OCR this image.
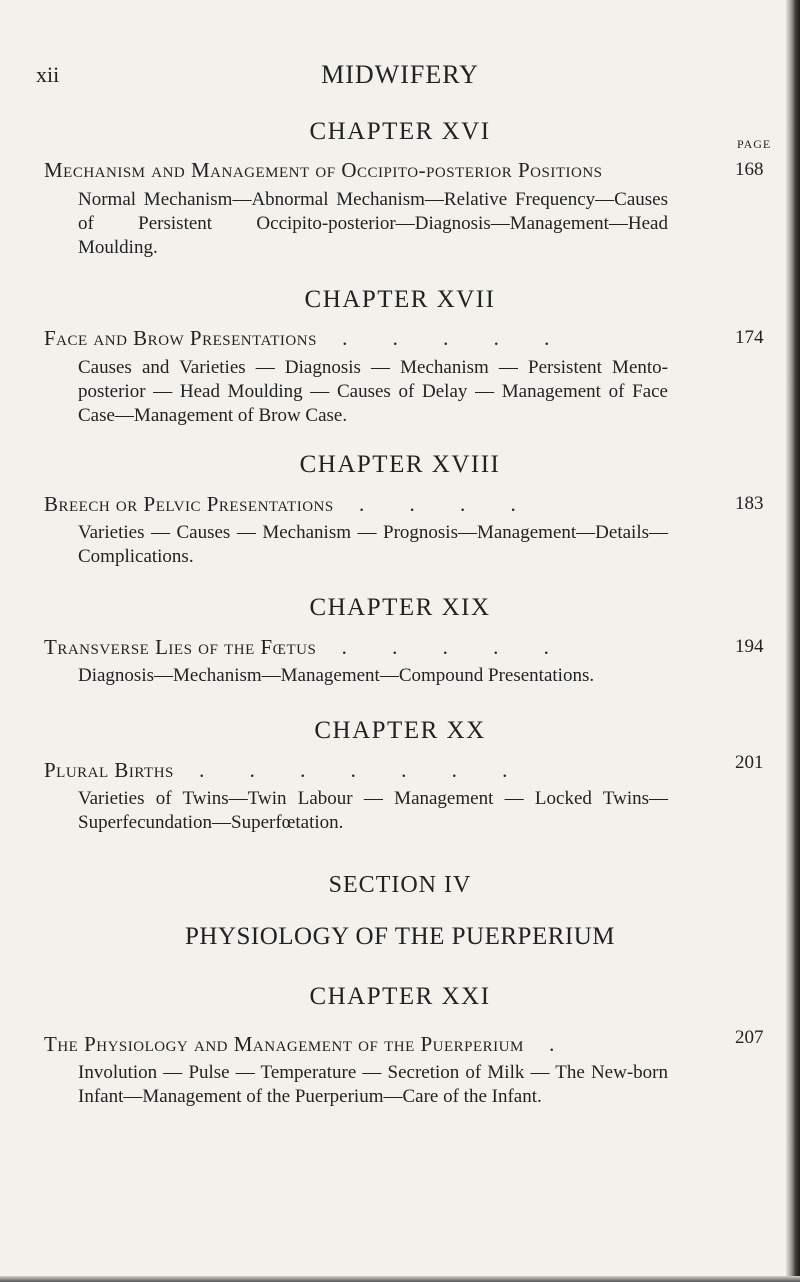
xii	MIDWIFERY
CHAPTER XVI	PAGE
Mechanism and Management of Occipito-posterior Positions	168
Normal Mechanism—Abnormal Mechanism—Relative Frequency—Causes of Persistent Occipito-posterior—Diagnosis—Management—Head Moulding.
CHAPTER XVII
Face and Brow Presentations . . . . .	174
Causes and Varieties — Diagnosis — Mechanism — Persistent Mento-posterior — Head Moulding — Causes of Delay — Management of Face Case—Management of Brow Case.
CHAPTER XVIII
Breech or Pelvic Presentations . . . .	183
Varieties — Causes — Mechanism — Prognosis—Management—Details—Complications.
CHAPTER XIX
Transverse Lies of the Fœtus . . . . .	194
Diagnosis—Mechanism—Management—Compound Presentations.
CHAPTER XX
Plural Births . . . . . . .	201
Varieties of Twins—Twin Labour — Management — Locked Twins—Superfecundation—Superfœtation.
SECTION IV
PHYSIOLOGY OF THE PUERPERIUM
CHAPTER XXI
The Physiology and Management of the Puerperium .	207
Involution — Pulse — Temperature — Secretion of Milk — The New-born Infant—Management of the Puerperium—Care of the Infant.
